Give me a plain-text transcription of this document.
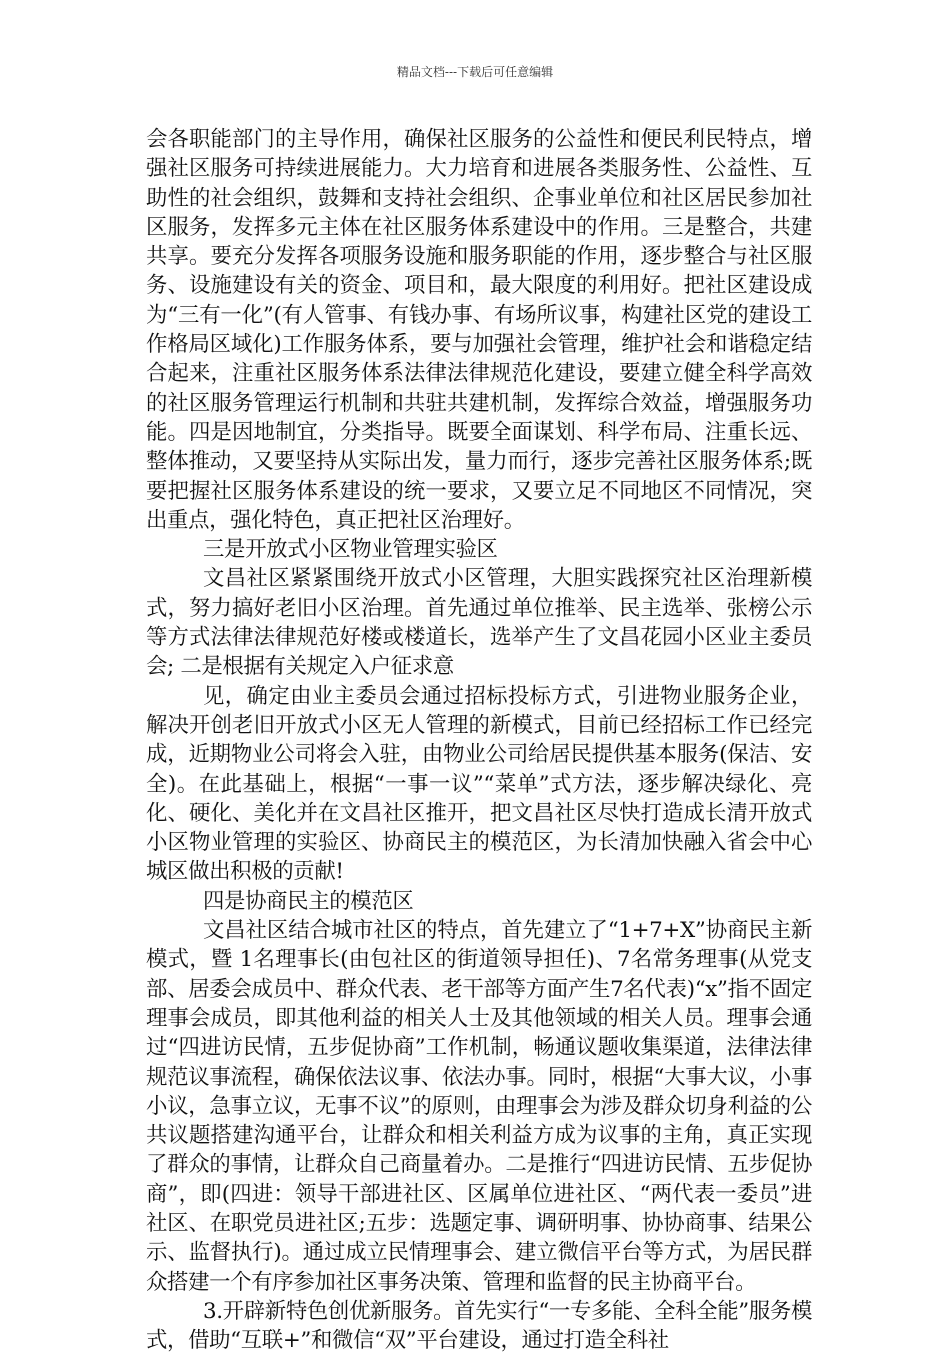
精品文档---下载后可任意编辑

会各职能部门的主导作用，确保社区服务的公益性和便民利民特点，增强社区服务可持续进展能力。大力培育和进展各类服务性、公益性、互助性的社会组织，鼓舞和支持社会组织、企事业单位和社区居民参加社区服务，发挥多元主体在社区服务体系建设中的作用。三是整合，共建共享。要充分发挥各项服务设施和服务职能的作用，逐步整合与社区服务、设施建设有关的资金、项目和，最大限度的利用好。把社区建设成为“三有一化”(有人管事、有钱办事、有场所议事，构建社区党的建设工作格局区域化)工作服务体系，要与加强社会管理，维护社会和谐稳定结合起来，注重社区服务体系法律法律规范化建设，要建立健全科学高效的社区服务管理运行机制和共驻共建机制，发挥综合效益，增强服务功能。四是因地制宜，分类指导。既要全面谋划、科学布局、注重长远、整体推动，又要坚持从实际出发，量力而行，逐步完善社区服务体系;既要把握社区服务体系建设的统一要求，又要立足不同地区不同情况，突出重点，强化特色，真正把社区治理好。

三是开放式小区物业管理实验区

文昌社区紧紧围绕开放式小区管理，大胆实践探究社区治理新模式，努力搞好老旧小区治理。首先通过单位推举、民主选举、张榜公示等方式法律法律规范好楼或楼道长，选举产生了文昌花园小区业主委员会; 二是根据有关规定入户征求意

见，确定由业主委员会通过招标投标方式，引进物业服务企业，解决开创老旧开放式小区无人管理的新模式，目前已经招标工作已经完成，近期物业公司将会入驻，由物业公司给居民提供基本服务(保洁、安全)。在此基础上，根据“一事一议”“菜单”式方法，逐步解决绿化、亮化、硬化、美化并在文昌社区推开，把文昌社区尽快打造成长清开放式小区物业管理的实验区、协商民主的模范区，为长清加快融入省会中心城区做出积极的贡献!

四是协商民主的模范区

文昌社区结合城市社区的特点，首先建立了“1+7+X”协商民主新模式，暨 1名理事长(由包社区的街道领导担任)、7名常务理事(从党支部、居委会成员中、群众代表、老干部等方面产生7名代表)“x”指不固定理事会成员，即其他利益的相关人士及其他领域的相关人员。理事会通过“四进访民情，五步促协商”工作机制，畅通议题收集渠道，法律法律规范议事流程，确保依法议事、依法办事。同时，根据“大事大议，小事小议，急事立议，无事不议”的原则，由理事会为涉及群众切身利益的公共议题搭建沟通平台，让群众和相关利益方成为议事的主角，真正实现了群众的事情，让群众自己商量着办。二是推行“四进访民情、五步促协商”，即(四进：领导干部进社区、区属单位进社区、“两代表一委员”进社区、在职党员进社区;五步：选题定事、调研明事、协协商事、结果公示、监督执行)。通过成立民情理事会、建立微信平台等方式，为居民群众搭建一个有序参加社区事务决策、管理和监督的民主协商平台。

3.开辟新特色创优新服务。首先实行“一专多能、全科全能”服务模式，借助“互联+”和微信“双”平台建设，通过打造全科社
